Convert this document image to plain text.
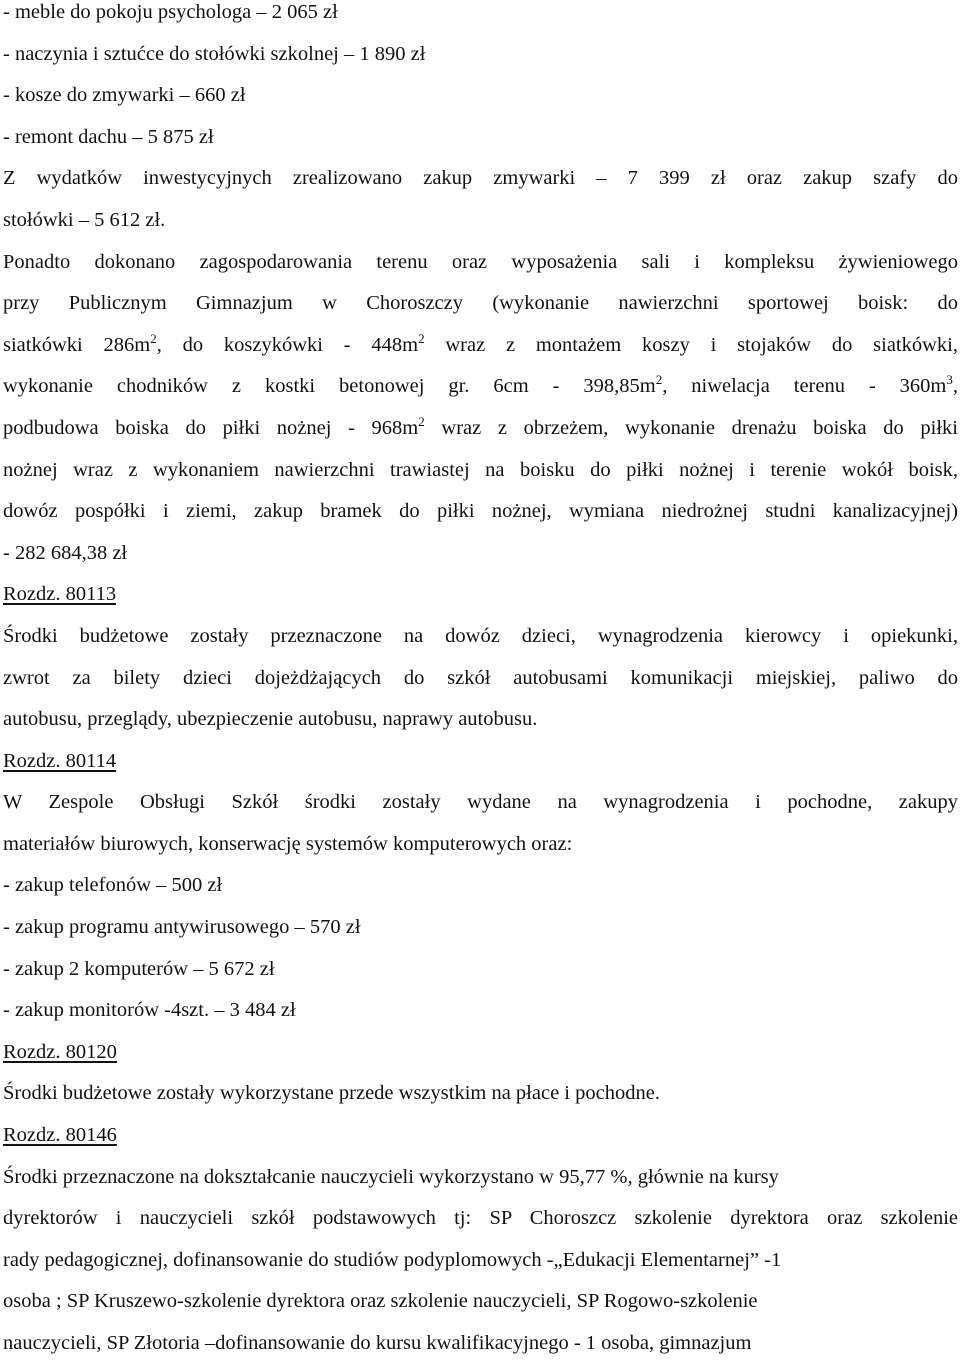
- meble do pokoju psychologa – 2 065 zł
- naczynia i sztućce do stołówki szkolnej – 1 890 zł
- kosze do zmywarki – 660 zł
- remont dachu – 5 875 zł
Z wydatków inwestycyjnych zrealizowano zakup zmywarki – 7 399 zł oraz zakup szafy do
stołówki – 5 612 zł.
Ponadto dokonano zagospodarowania terenu oraz wyposażenia sali i kompleksu żywieniowego
przy Publicznym Gimnazjum w Choroszczy (wykonanie nawierzchni sportowej boisk: do
siatkówki $286m^2$, do koszykówki - $448m^2$ wraz z montażem koszy i stojaków do siatkówki,
wykonanie chodników z kostki betonowej gr. $6cm - 398,85m^2$, niwelacja terenu - $360m^3$,
podbudowa boiska do piłki nożnej - $968m^2$ wraz z obrzeżem, wykonanie drenażu boiska do piłki
nożnej wraz z wykonaniem nawierzchni trawiastej na boisku do piłki nożnej i terenie wokół boisk,
dowóz pospółki i ziemi, zakup bramek do piłki nożnej, wymiana niedrożnej studni kanalizacyjnej)
- 282 684,38 zł
Rozdz. 80113
Środki budżetowe zostały przeznaczone na dowóz dzieci, wynagrodzenia kierowcy i opiekunki,
zwrot za bilety dzieci dojeżdżających do szkół autobusami komunikacji miejskiej, paliwo do
autobusu, przeglądy, ubezpieczenie autobusu, naprawy autobusu.
Rozdz. 80114
W Zespole Obsługi Szkół środki zostały wydane na wynagrodzenia i pochodne, zakupy
materiałów biurowych, konserwację systemów komputerowych oraz:
- zakup telefonów – 500 zł
- zakup programu antywirusowego – 570 zł
- zakup 2 komputerów – 5 672 zł
- zakup monitorów -4szt. – 3 484 zł
Rozdz. 80120
Środki budżetowe zostały wykorzystane przede wszystkim na płace i pochodne.
Rozdz. 80146
Środki przeznaczone na dokształcanie nauczycieli wykorzystano w 95,77 %, głównie na kursy
dyrektorów i nauczycieli szkół podstawowych tj: SP Choroszcz szkolenie dyrektora oraz szkolenie
rady pedagogicznej, dofinansowanie do studiów podyplomowych -„Edukacji Elementarnej” -1
osoba ; SP Kruszewo-szkolenie dyrektora oraz szkolenie nauczycieli, SP Rogowo-szkolenie
nauczycieli, SP Złotoria –dofinansowanie do kursu kwalifikacyjnego - 1 osoba, gimnazjum
